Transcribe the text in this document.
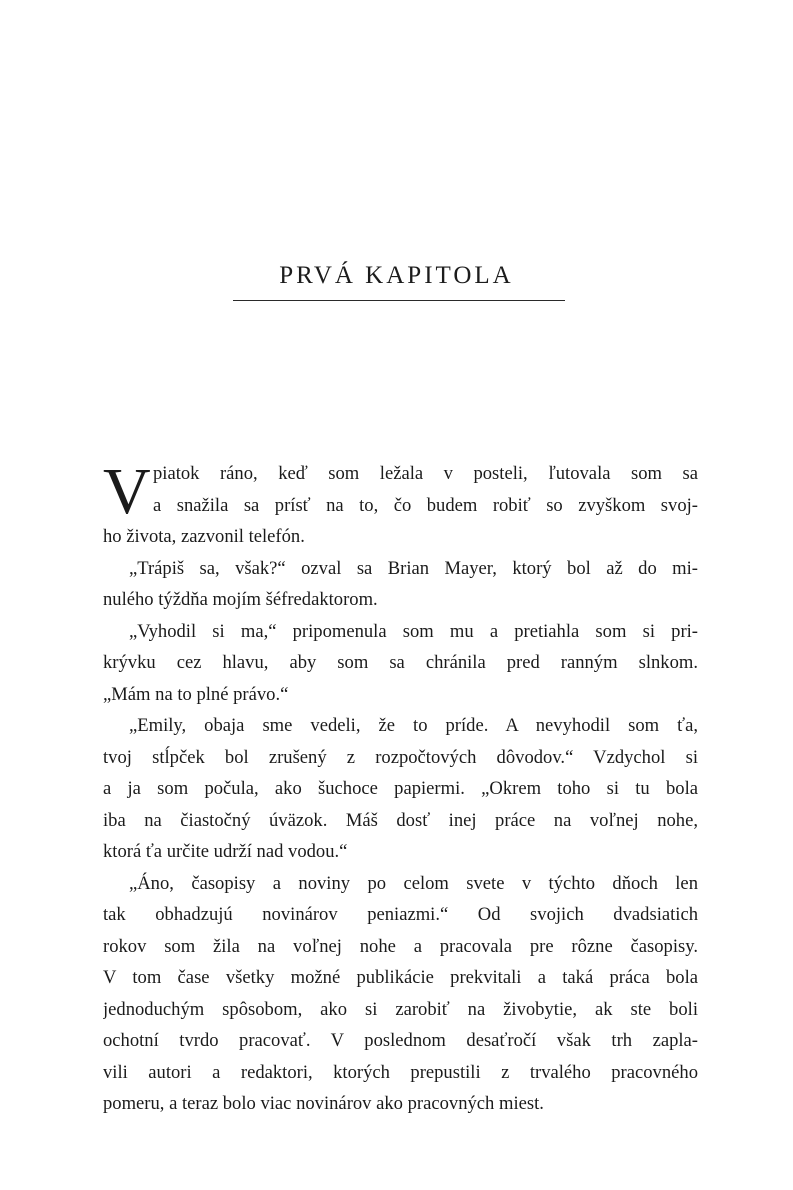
PRVÁ KAPITOLA
V piatok ráno, keď som ležala v posteli, ľutovala som sa
a snažila sa prísť na to, čo budem robiť so zvyškom svoj-
ho života, zazvonil telefón.
„Trápiš sa, však?“ ozval sa Brian Mayer, ktorý bol až do mi-
nulého týždňa mojím šéfredaktorom.
„Vyhodil si ma,“ pripomenula som mu a pretiahla som si pri-
krývku cez hlavu, aby som sa chránila pred ranným slnkom.
„Mám na to plné právo.“
„Emily, obaja sme vedeli, že to príde. A nevyhodil som ťa,
tvoj stĺpček bol zrušený z rozpočtových dôvodov.“ Vzdychol si
a ja som počula, ako šuchoce papiermi. „Okrem toho si tu bola
iba na čiastočný úväzok. Máš dosť inej práce na voľnej nohe,
ktorá ťa určite udrží nad vodou.“
„Áno, časopisy a noviny po celom svete v týchto dňoch len
tak obhadzujú novinárov peniazmi.“ Od svojich dvadsiatich
rokov som žila na voľnej nohe a pracovala pre rôzne časopisy.
V tom čase všetky možné publikácie prekvitali a taká práca bola
jednoduchým spôsobom, ako si zarobiť na živobytie, ak ste boli
ochotní tvrdo pracovať. V poslednom desaťročí však trh zapla-
vili autori a redaktori, ktorých prepustili z trvalého pracovného
pomeru, a teraz bolo viac novinárov ako pracovných miest.
